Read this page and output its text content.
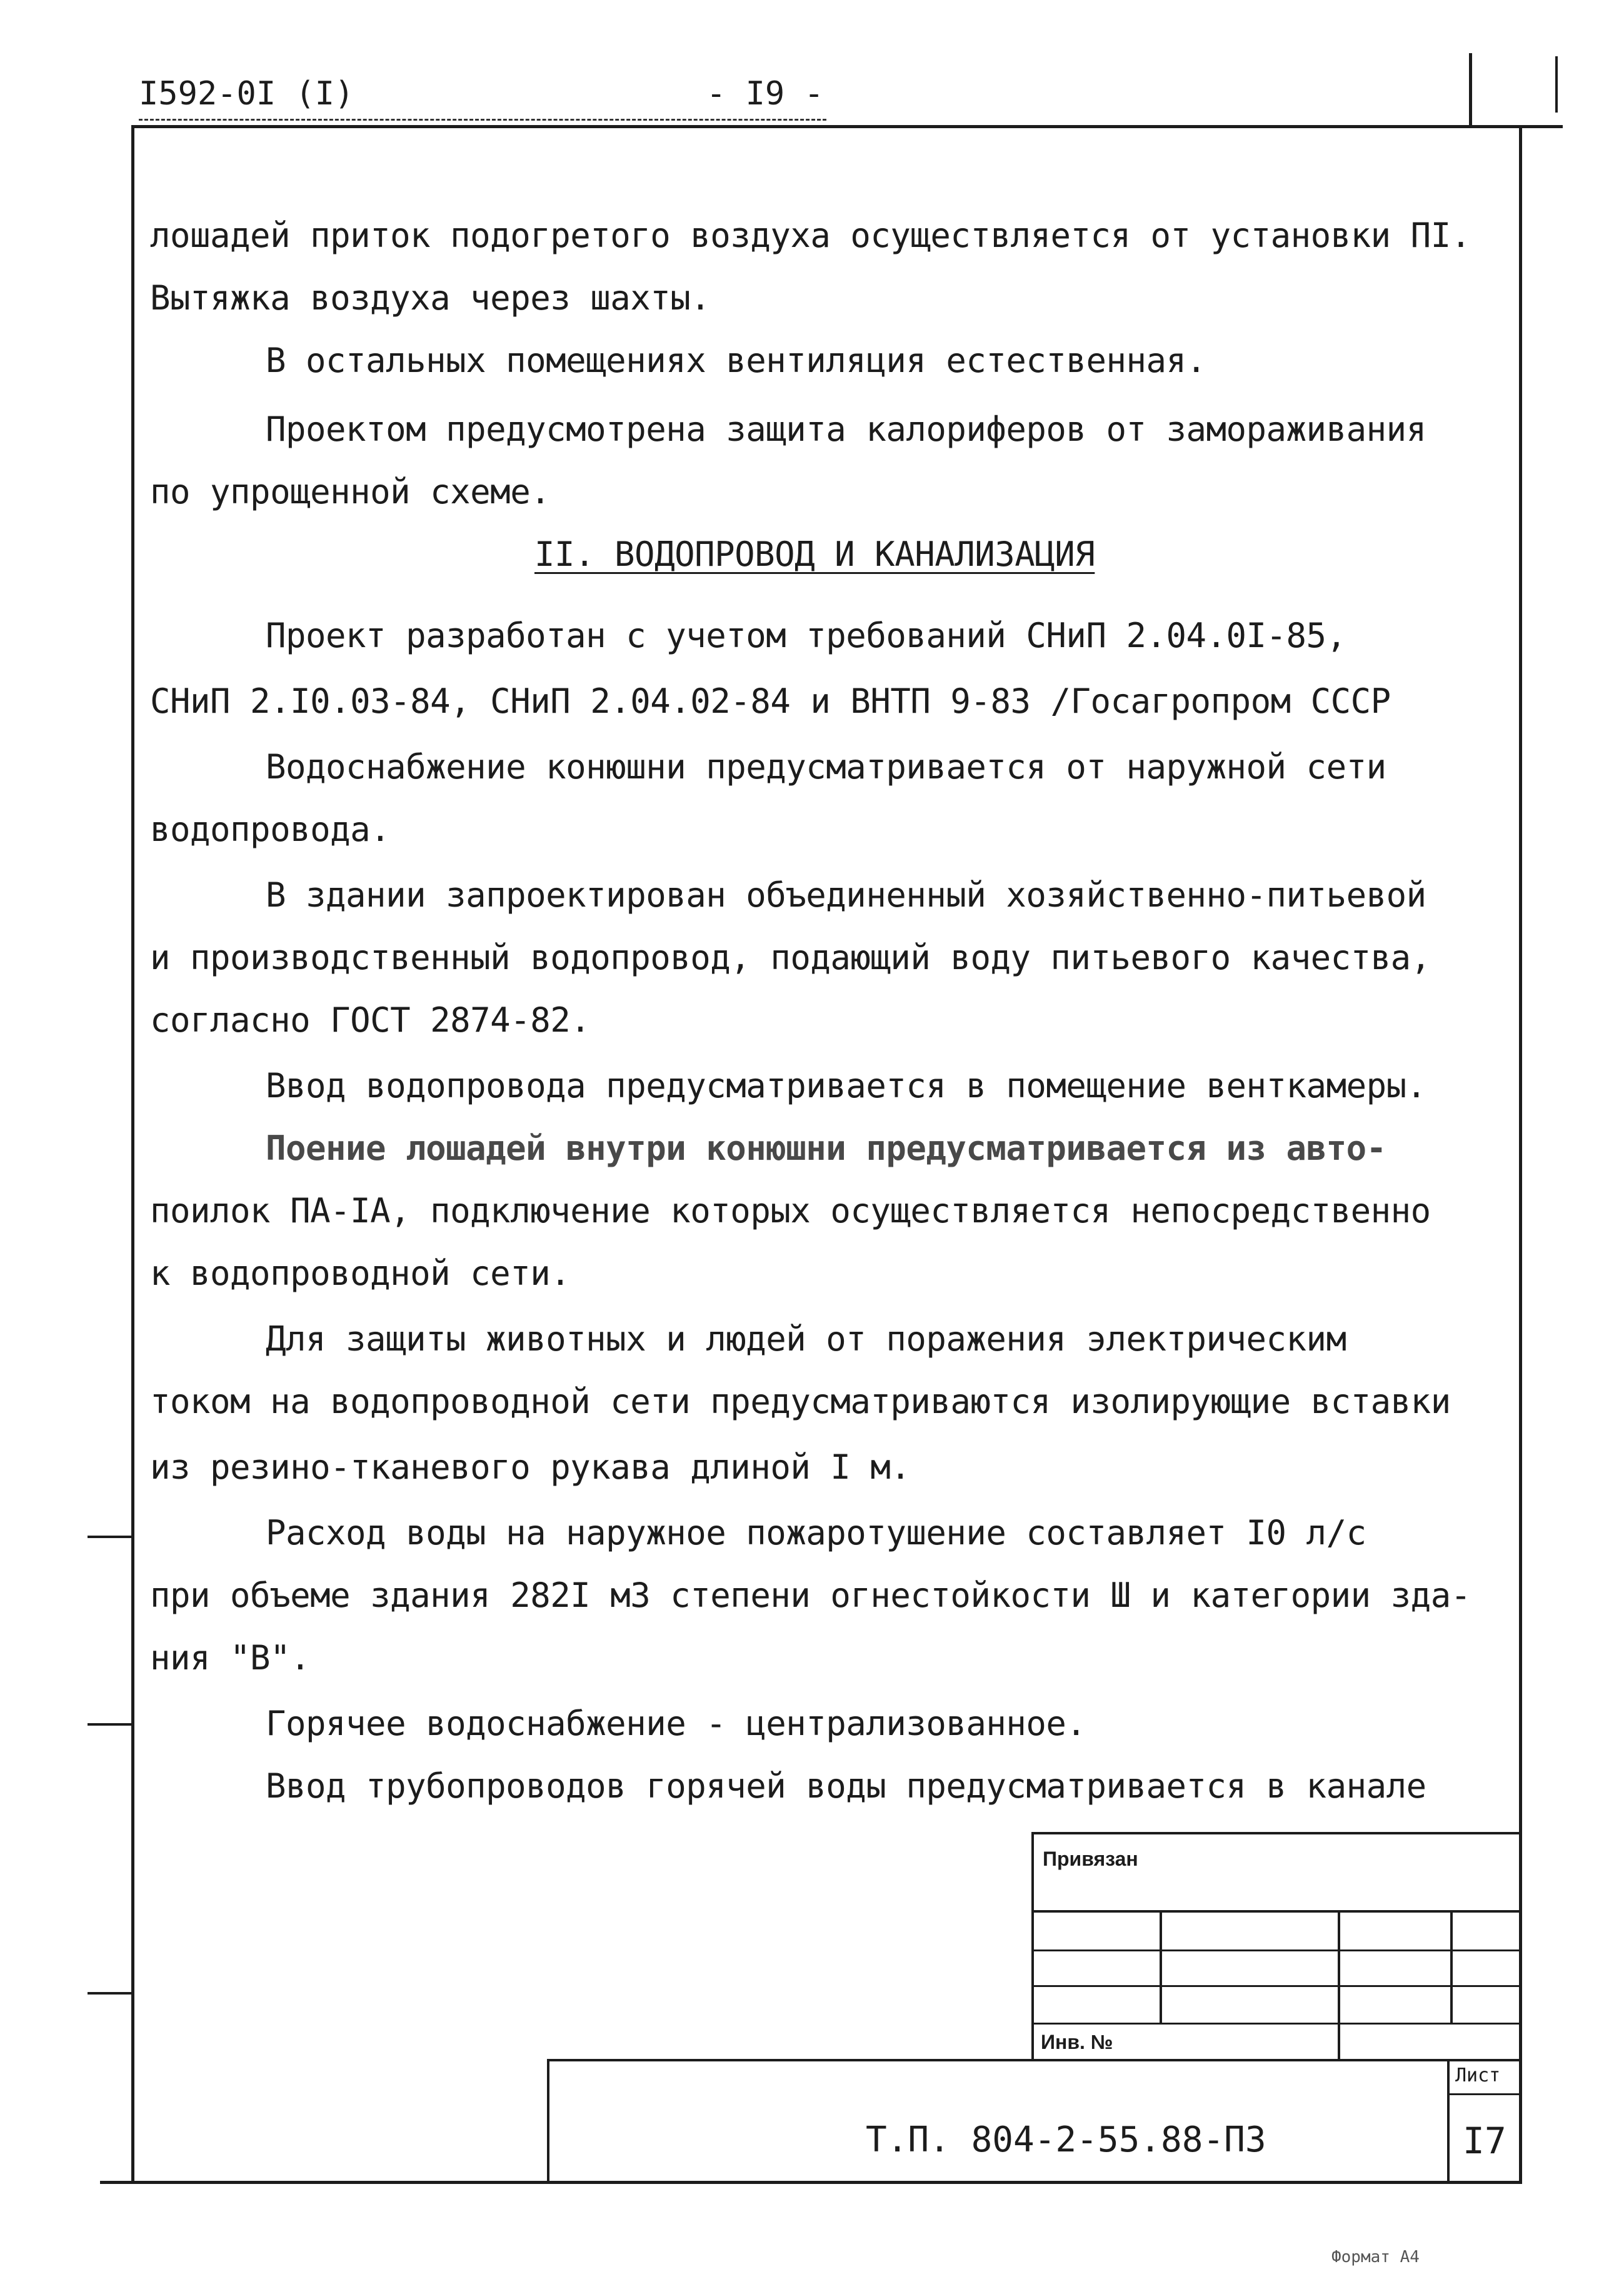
I592-0I (I)	- I9 -
лошадей приток подогретого воздуха осуществляется от установки ПI.
Вытяжка воздуха через шахты.
В остальных помещениях вентиляция естественная.
Проектом предусмотрена защита калориферов от замораживания
по упрощенной схеме.
II. ВОДОПРОВОД И КАНАЛИЗАЦИЯ
Проект разработан с учетом требований СНиП 2.04.0I-85,
СНиП 2.I0.03-84, СНиП 2.04.02-84 и ВНТП 9-83 /Госагропром СССР
Водоснабжение конюшни предусматривается от наружной сети
водопровода.
В здании запроектирован объединенный хозяйственно-питьевой
и производственный водопровод, подающий воду питьевого качества,
согласно ГОСТ 2874-82.
Ввод водопровода предусматривается в помещение венткамеры.
Поение лошадей внутри конюшни предусматривается из авто-
поилок ПА-IА, подключение которых осуществляется непосредственно
к водопроводной сети.
Для защиты животных и людей от поражения электрическим
током на водопроводной сети предусматриваются изолирующие вставки
из резино-тканевого рукава длиной I м.
Расход воды на наружное пожаротушение составляет I0 л/с
при объеме здания 282I м3 степени огнестойкости Ш и категории зда-
ния "В".
Горячее водоснабжение - централизованное.
Ввод трубопроводов горячей воды предусматривается в канале
Привязан
Инв. №
Лист
I7
Т.П. 804-2-55.88-ПЗ
Формат А4
